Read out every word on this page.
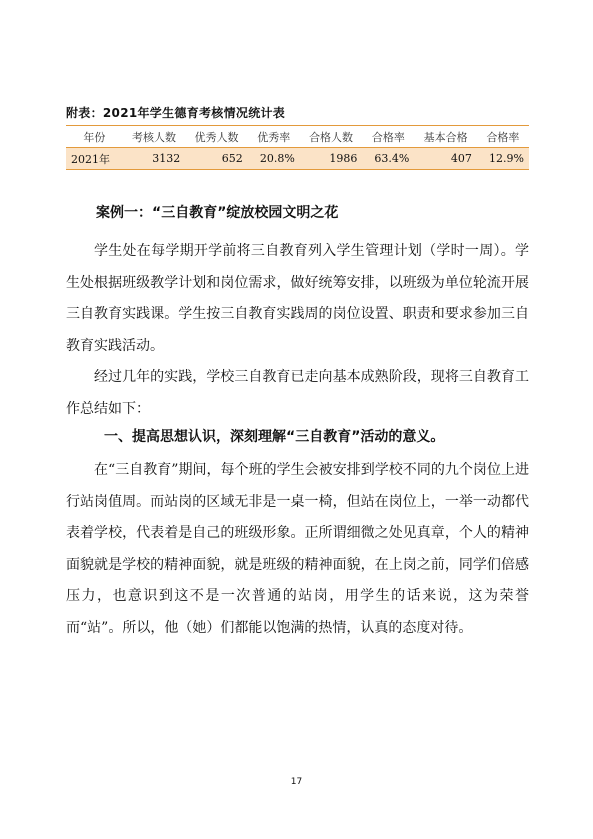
附表：2021年学生德育考核情况统计表
年份	考核人数	优秀人数	优秀率	合格人数	合格率	基本合格	合格率
2021年	3132	652	20.8%	1986	63.4%	407	12.9%
案例一：“三自教育”绽放校园文明之花

学生处在每学期开学前将三自教育列入学生管理计划（学时一周）。学生处根据班级教学计划和岗位需求，做好统筹安排，以班级为单位轮流开展三自教育实践课。学生按三自教育实践周的岗位设置、职责和要求参加三自教育实践活动。

经过几年的实践，学校三自教育已走向基本成熟阶段，现将三自教育工作总结如下：

一、提高思想认识，深刻理解“三自教育”活动的意义。

在“三自教育”期间，每个班的学生会被安排到学校不同的九个岗位上进行站岗值周。而站岗的区域无非是一桌一椅，但站在岗位上，一举一动都代表着学校，代表着是自己的班级形象。正所谓细微之处见真章，个人的精神面貌就是学校的精神面貌，就是班级的精神面貌，在上岗之前，同学们倍感压力，也意识到这不是一次普通的站岗，用学生的话来说，这为荣誉而“站”。所以，他（她）们都能以饱满的热情，认真的态度对待。

17
